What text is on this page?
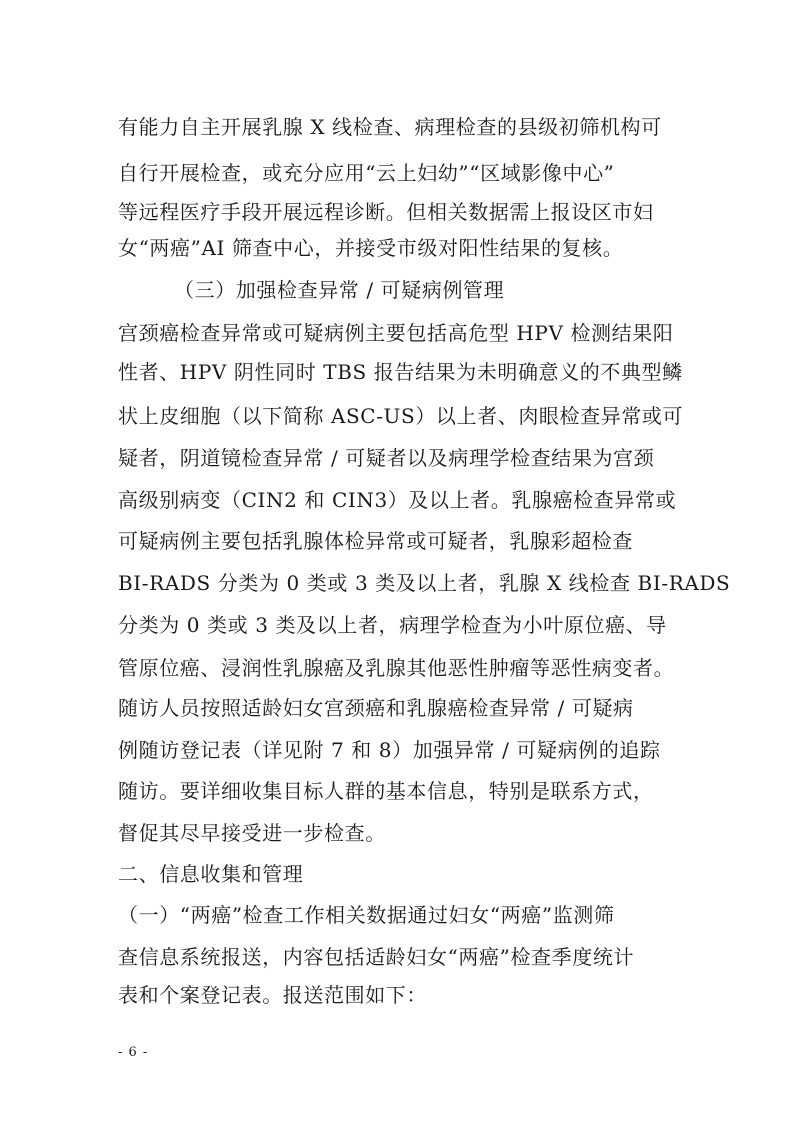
有能力自主开展乳腺 X 线检查、病理检查的县级初筛机构可
自行开展检查，或充分应用“云上妇幼”“区域影像中心”
等远程医疗手段开展远程诊断。但相关数据需上报设区市妇
女“两癌”AI 筛查中心，并接受市级对阳性结果的复核。
（三）加强检查异常 / 可疑病例管理
宫颈癌检查异常或可疑病例主要包括高危型 HPV 检测结果阳
性者、HPV 阴性同时 TBS 报告结果为未明确意义的不典型鳞
状上皮细胞（以下简称 ASC-US）以上者、肉眼检查异常或可
疑者，阴道镜检查异常 / 可疑者以及病理学检查结果为宫颈
高级别病变（CIN2 和 CIN3）及以上者。乳腺癌检查异常或
可疑病例主要包括乳腺体检异常或可疑者，乳腺彩超检查
BI-RADS 分类为 0 类或 3 类及以上者，乳腺 X 线检查 BI-RADS
分类为 0 类或 3 类及以上者，病理学检查为小叶原位癌、导
管原位癌、浸润性乳腺癌及乳腺其他恶性肿瘤等恶性病变者。
随访人员按照适龄妇女宫颈癌和乳腺癌检查异常 / 可疑病
例随访登记表（详见附 7 和 8）加强异常 / 可疑病例的追踪
随访。要详细收集目标人群的基本信息，特别是联系方式，
督促其尽早接受进一步检查。
二、信息收集和管理
（一）“两癌”检查工作相关数据通过妇女“两癌”监测筛
查信息系统报送，内容包括适龄妇女“两癌”检查季度统计
表和个案登记表。报送范围如下：
- 6 -
